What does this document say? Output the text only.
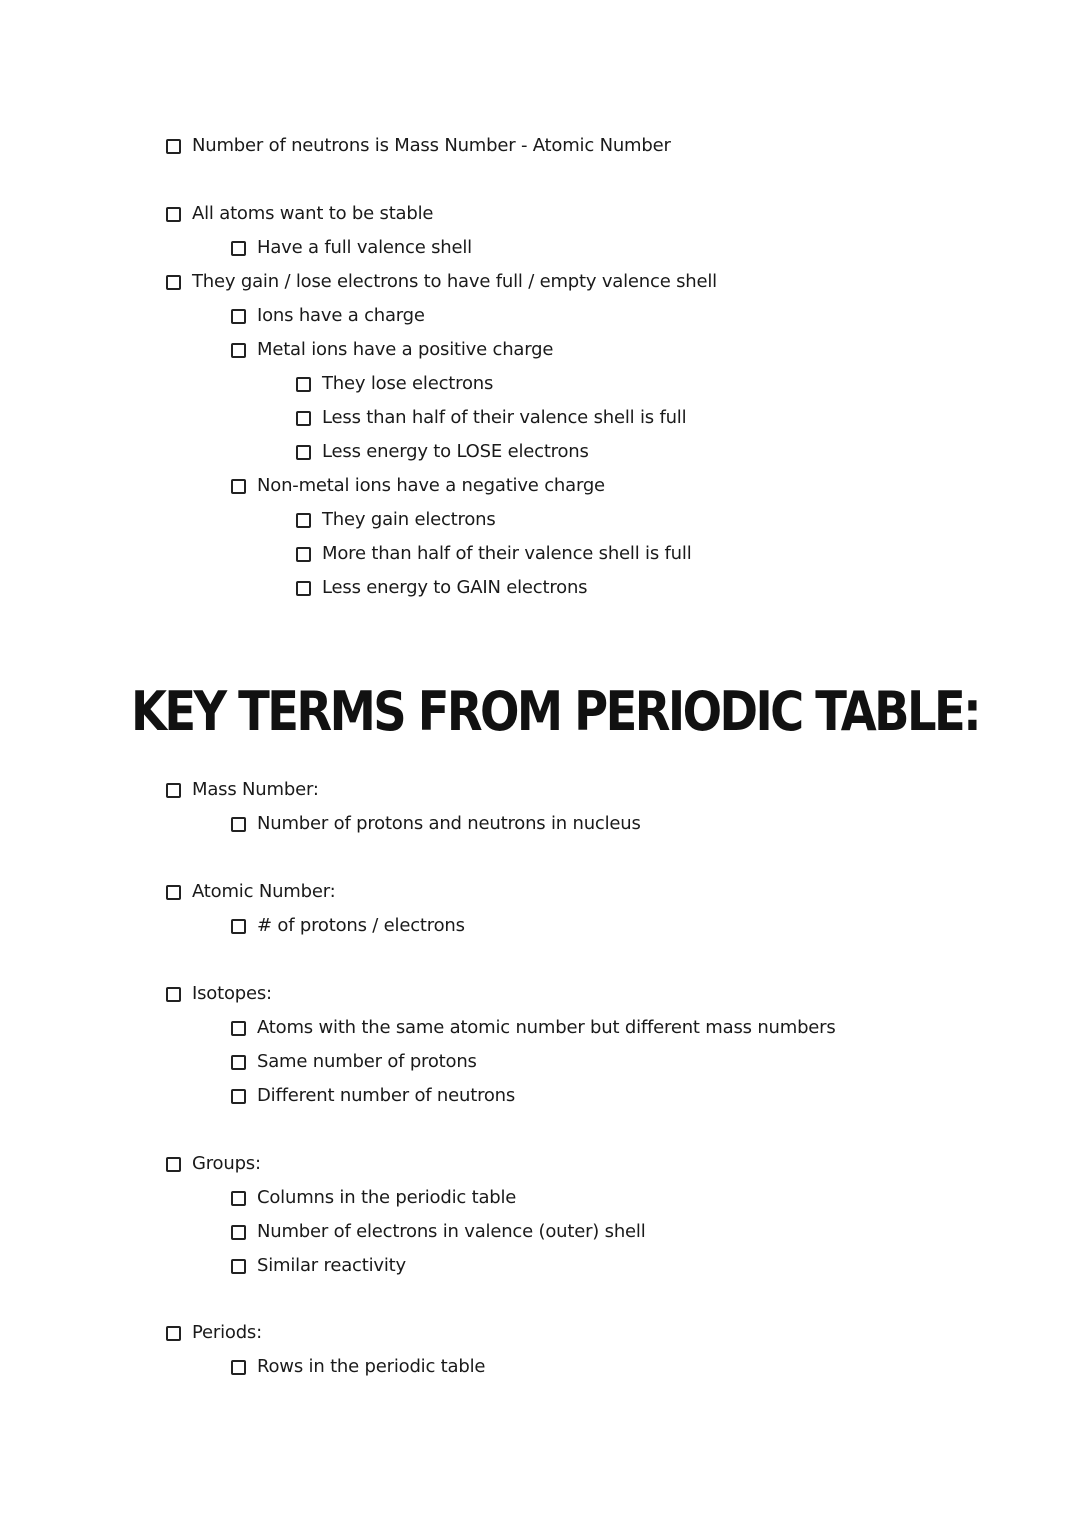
Number of neutrons is Mass Number - Atomic Number
All atoms want to be stable
Have a full valence shell
They gain / lose electrons to have full / empty valence shell
Ions have a charge
Metal ions have a positive charge
They lose electrons
Less than half of their valence shell is full
Less energy to LOSE electrons
Non-metal ions have a negative charge
They gain electrons
More than half of their valence shell is full
Less energy to GAIN electrons
KEY TERMS FROM PERIODIC TABLE:
Mass Number:
Number of protons and neutrons in nucleus
Atomic Number:
# of protons / electrons
Isotopes:
Atoms with the same atomic number but different mass numbers
Same number of protons
Different number of neutrons
Groups:
Columns in the periodic table
Number of electrons in valence (outer) shell
Similar reactivity
Periods:
Rows in the periodic table
